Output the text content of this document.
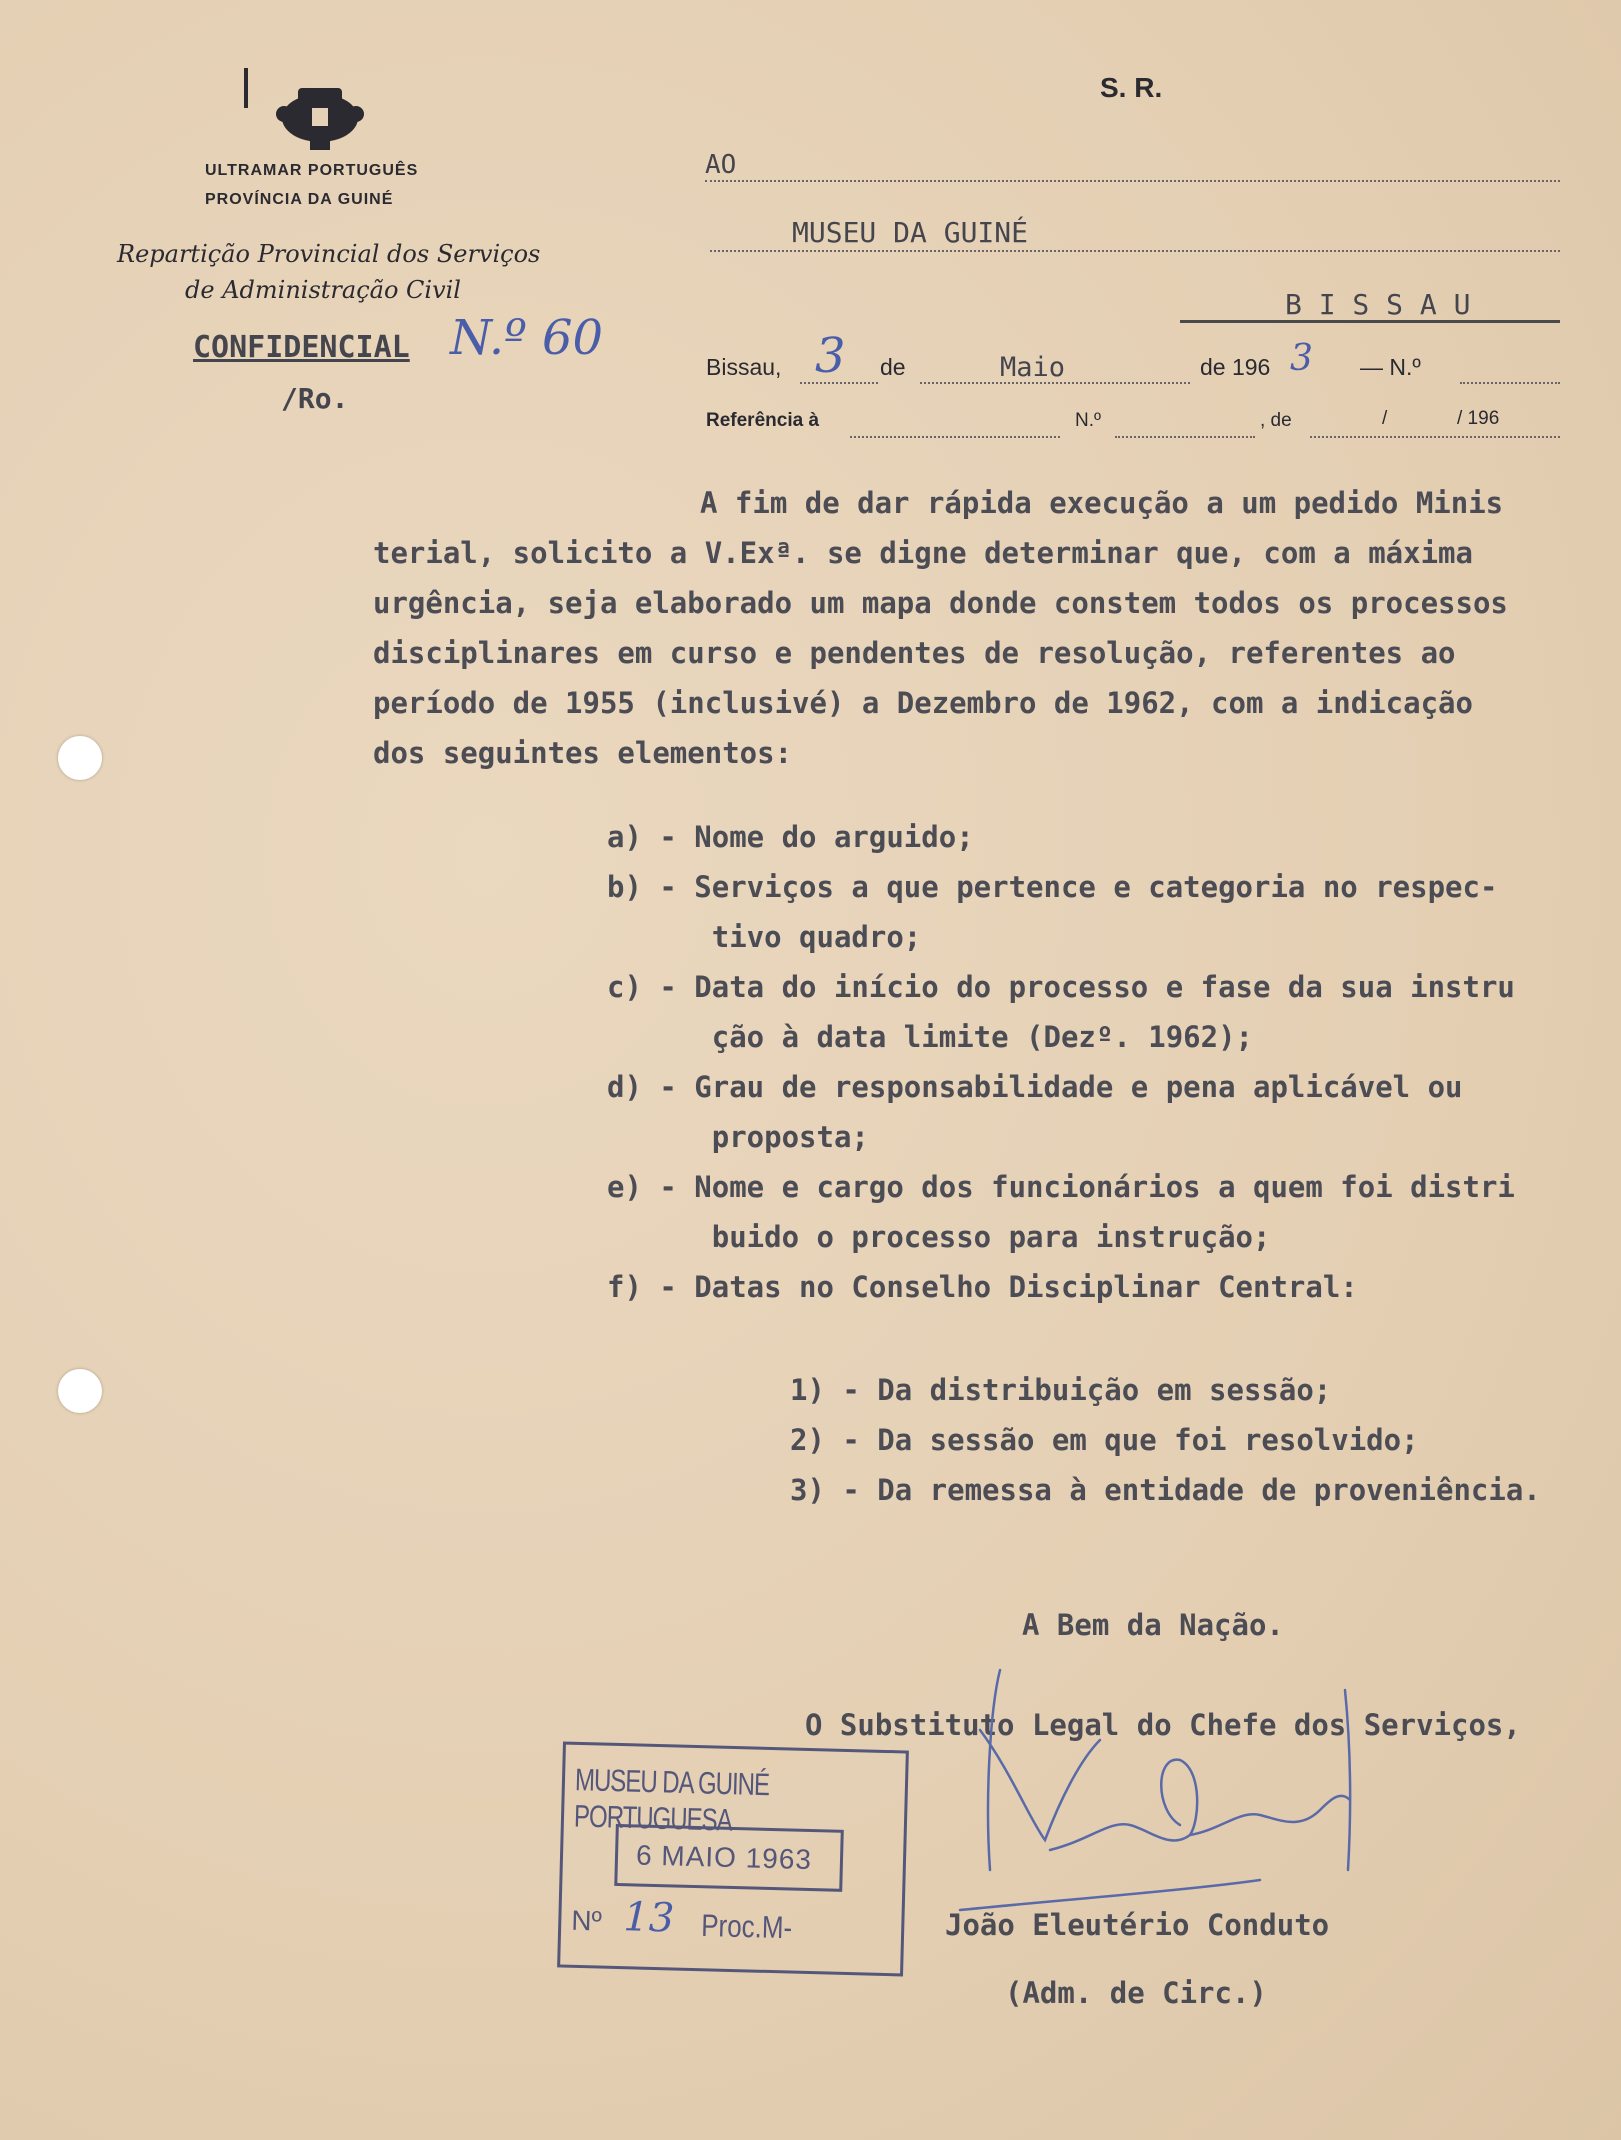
ULTRAMAR PORTUGUÊS
PROVÍNCIA DA GUINÉ
Repartição Provincial dos Serviços
de Administração Civil
CONFIDENCIAL N.º 60
/Ro.
S. R.
AO
MUSEU DA GUINÉ
B I S S A U
Bissau, 3 de	Maio	de 196 3 — N.º
Referência à	N.º	, de	/	/ 196
A fim de dar rápida execução a um pedido Minis
terial, solicito a V.Exª. se digne determinar que, com a máxima
urgência, seja elaborado um mapa donde constem todos os processos
disciplinares em curso e pendentes de resolução, referentes ao
período de 1955 (inclusivé) a Dezembro de 1962, com a indicação
dos seguintes elementos:
a) - Nome do arguido;
b) - Serviços a que pertence e categoria no respec-
tivo quadro;
c) - Data do início do processo e fase da sua instru
ção à data limite (Dezº. 1962);
d) - Grau de responsabilidade e pena aplicável ou
proposta;
e) - Nome e cargo dos funcionários a quem foi distri
buido o processo para instrução;
f) - Datas no Conselho Disciplinar Central:
1) - Da distribuição em sessão;
2) - Da sessão em que foi resolvido;
3) - Da remessa à entidade de proveniência.
A Bem da Nação.
O Substituto Legal do Chefe dos Serviços,
João Eleutério Conduto
(Adm. de Circ.)
MUSEU DA GUINÉ PORTUGUESA
6 MAIO 1963
Nº 13 Proc.M-
